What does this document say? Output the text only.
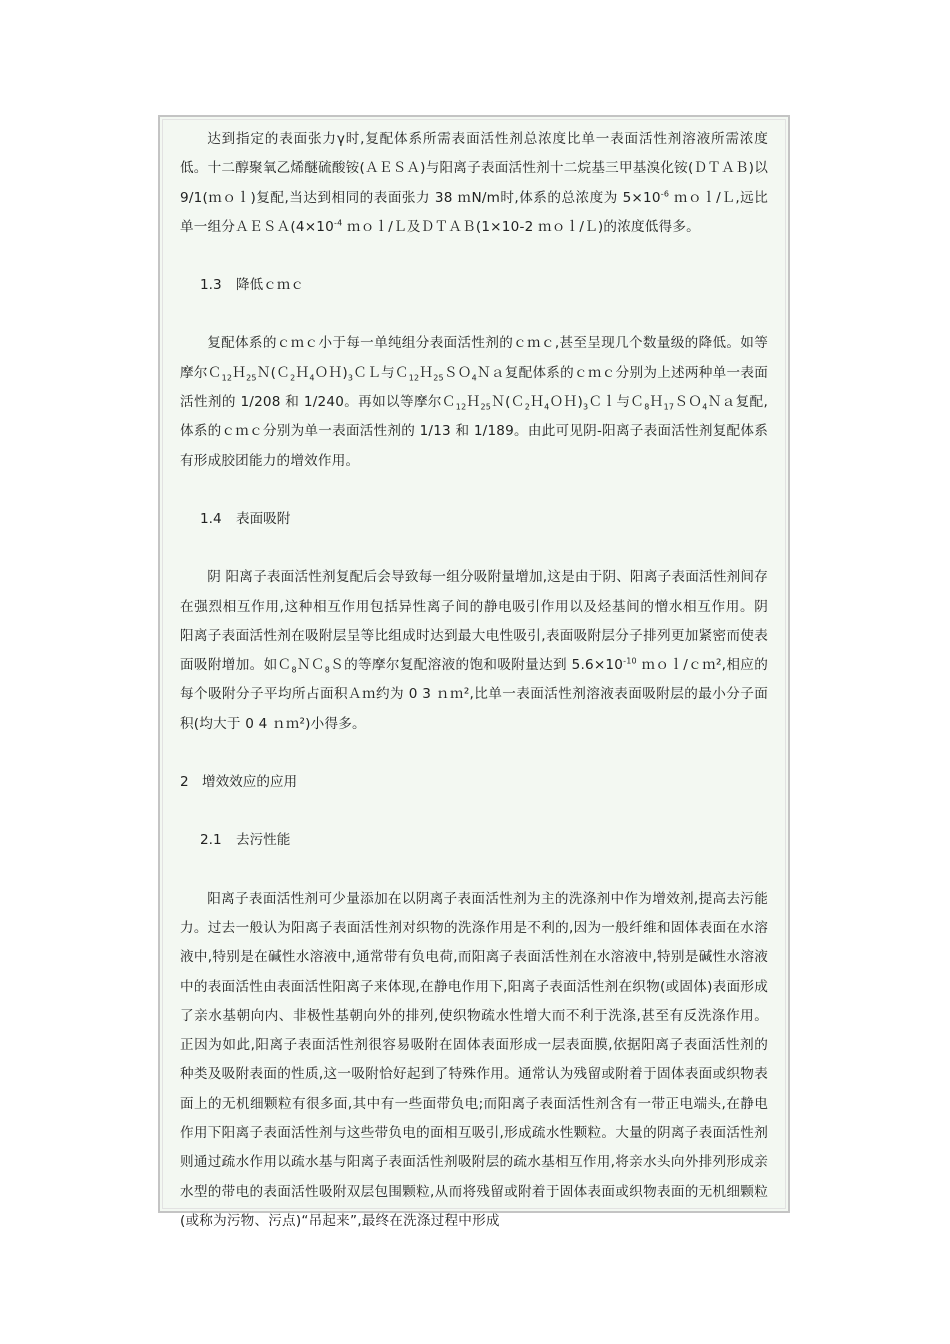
达到指定的表面张力γ时,复配体系所需表面活性剂总浓度比单一表面活性剂溶液所需浓度低。十二醇聚氧乙烯醚硫酸铵(ＡＥＳＡ)与阳离子表面活性剂十二烷基三甲基溴化铵(ＤＴＡＢ)以 9/1(ｍｏｌ)复配,当达到相同的表面张力 38 ｍN/m时,体系的总浓度为 $5\times 10^{-6}$ ｍｏｌ/Ｌ,远比单一组分$AESA(4\times 10^{-4}$ ｍｏｌ/Ｌ及ＤＴＡＢ(1×10-2 ｍｏｌ/Ｌ)的浓度低得多。

1.3 降低ｃｍｃ

复配体系的ｃｍｃ小于每一单纯组分表面活性剂的ｃｍｃ,甚至呈现几个数量级的降低。如等摩尔$C_{12}H_{25}N(C_2H_4OH)_3CL$与Ｃ$_{12}$Ｈ$_{25}$ＳＯ$_4$Ｎａ复配体系的ｃｍｃ分别为上述两种单一表面活性剂的 1/208 和 1/240。再如以等摩尔$C_{12}H_{25}N(C_2H_4OH)_3Cl$与Ｃ$_8$Ｈ$_{17}$ＳＯ$_4$Ｎａ复配,体系的ｃｍｃ分别为单一表面活性剂的 1/13 和 1/189。由此可见阴-阳离子表面活性剂复配体系有形成胶团能力的增效作用。

1.4 表面吸附

阴 阳离子表面活性剂复配后会导致每一组分吸附量增加,这是由于阴、阳离子表面活性剂间存在强烈相互作用,这种相互作用包括异性离子间的静电吸引作用以及烃基间的憎水相互作用。阴 阳离子表面活性剂在吸附层呈等比组成时达到最大电性吸引,表面吸附层分子排列更加紧密而使表面吸附增加。如Ｃ$_8$ＮＣ$_8$Ｓ的等摩尔复配溶液的饱和吸附量达到 $5.6\times 10^{-10}$ ｍｏｌ/ｃｍ²,相应的每个吸附分子平均所占面积Ａｍ约为 0 3 ｎｍ²,比单一表面活性剂溶液表面吸附层的最小分子面积(均大于 0 4 ｎｍ²)小得多。

2 增效效应的应用

2.1 去污性能

阳离子表面活性剂可少量添加在以阴离子表面活性剂为主的洗涤剂中作为增效剂,提高去污能力。过去一般认为阳离子表面活性剂对织物的洗涤作用是不利的,因为一般纤维和固体表面在水溶液中,特别是在碱性水溶液中,通常带有负电荷,而阳离子表面活性剂在水溶液中,特别是碱性水溶液中的表面活性由表面活性阳离子来体现,在静电作用下,阳离子表面活性剂在织物(或固体)表面形成了亲水基朝向内、非极性基朝向外的排列,使织物疏水性增大而不利于洗涤,甚至有反洗涤作用。正因为如此,阳离子表面活性剂很容易吸附在固体表面形成一层表面膜,依据阳离子表面活性剂的种类及吸附表面的性质,这一吸附恰好起到了特殊作用。通常认为残留或附着于固体表面或织物表面上的无机细颗粒有很多面,其中有一些面带负电;而阳离子表面活性剂含有一带正电端头,在静电作用下阳离子表面活性剂与这些带负电的面相互吸引,形成疏水性颗粒。大量的阴离子表面活性剂则通过疏水作用以疏水基与阳离子表面活性剂吸附层的疏水基相互作用,将亲水头向外排列形成亲水型的带电的表面活性吸附双层包围颗粒,从而将残留或附着于固体表面或织物表面的无机细颗粒(或称为污物、污点)“吊起来”,最终在洗涤过程中形成
